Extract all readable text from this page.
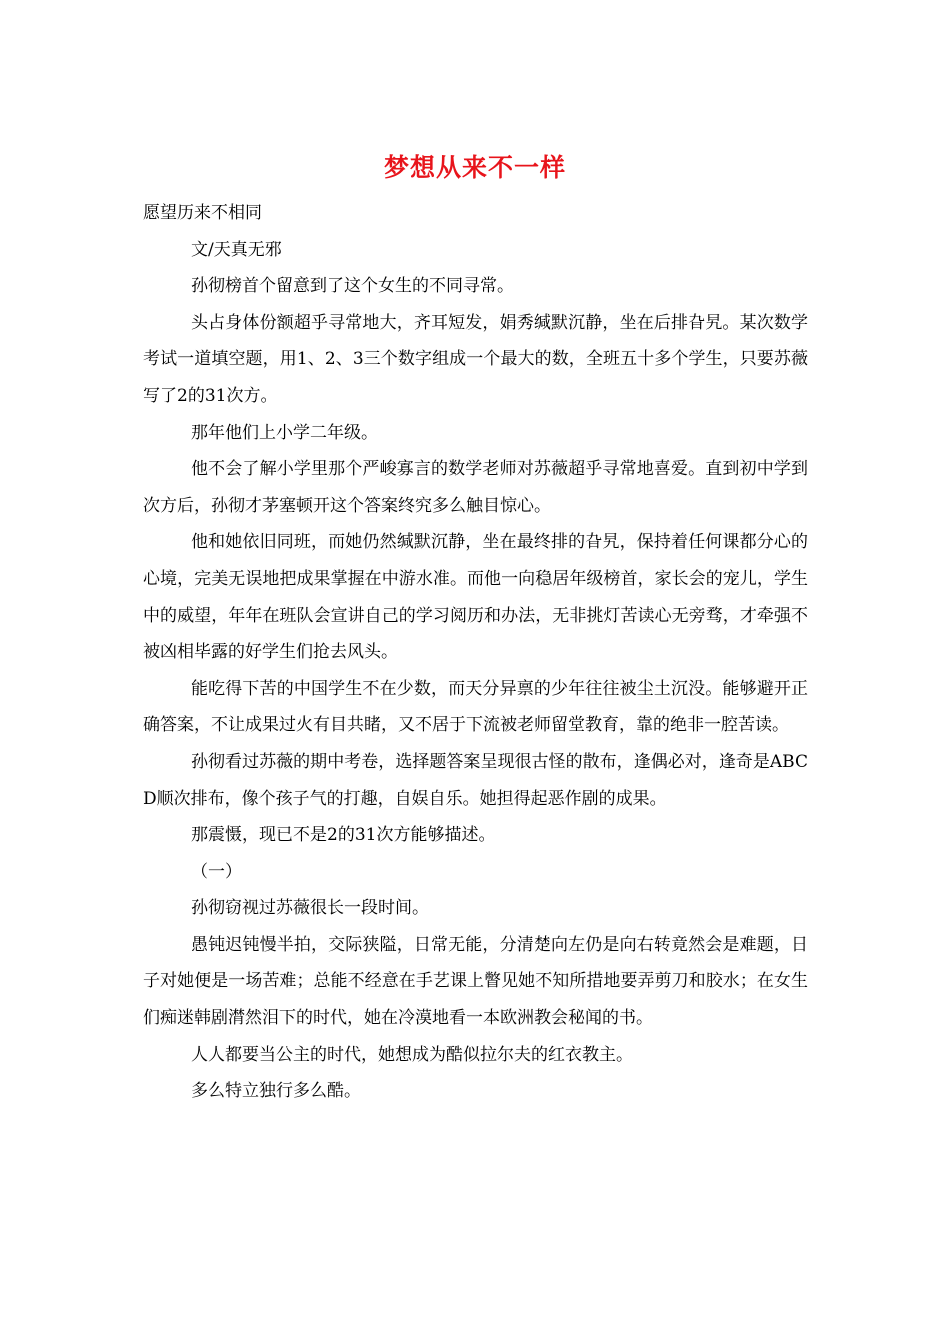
梦想从来不一样

愿望历来不相同

文/天真无邪

孙彻榜首个留意到了这个女生的不同寻常。

头占身体份额超乎寻常地大，齐耳短发，娟秀缄默沉静，坐在后排旮旯。某次数学考试一道填空题，用1、2、3三个数字组成一个最大的数，全班五十多个学生，只要苏薇写了2的31次方。

那年他们上小学二年级。

他不会了解小学里那个严峻寡言的数学老师对苏薇超乎寻常地喜爱。直到初中学到次方后，孙彻才茅塞顿开这个答案终究多么触目惊心。

他和她依旧同班，而她仍然缄默沉静，坐在最终排的旮旯，保持着任何课都分心的心境，完美无误地把成果掌握在中游水准。而他一向稳居年级榜首，家长会的宠儿，学生中的威望，年年在班队会宣讲自己的学习阅历和办法，无非挑灯苦读心无旁骛，才牵强不被凶相毕露的好学生们抢去风头。

能吃得下苦的中国学生不在少数，而天分异禀的少年往往被尘土沉没。能够避开正确答案，不让成果过火有目共睹，又不居于下流被老师留堂教育，靠的绝非一腔苦读。

孙彻看过苏薇的期中考卷，选择题答案呈现很古怪的散布，逢偶必对，逢奇是ABCD顺次排布，像个孩子气的打趣，自娱自乐。她担得起恶作剧的成果。

那震慑，现已不是2的31次方能够描述。

（一）

孙彻窃视过苏薇很长一段时间。

愚钝迟钝慢半拍，交际狭隘，日常无能，分清楚向左仍是向右转竟然会是难题，日子对她便是一场苦难；总能不经意在手艺课上瞥见她不知所措地要弄剪刀和胶水；在女生们痴迷韩剧潸然泪下的时代，她在冷漠地看一本欧洲教会秘闻的书。

人人都要当公主的时代，她想成为酷似拉尔夫的红衣教主。

多么特立独行多么酷。
